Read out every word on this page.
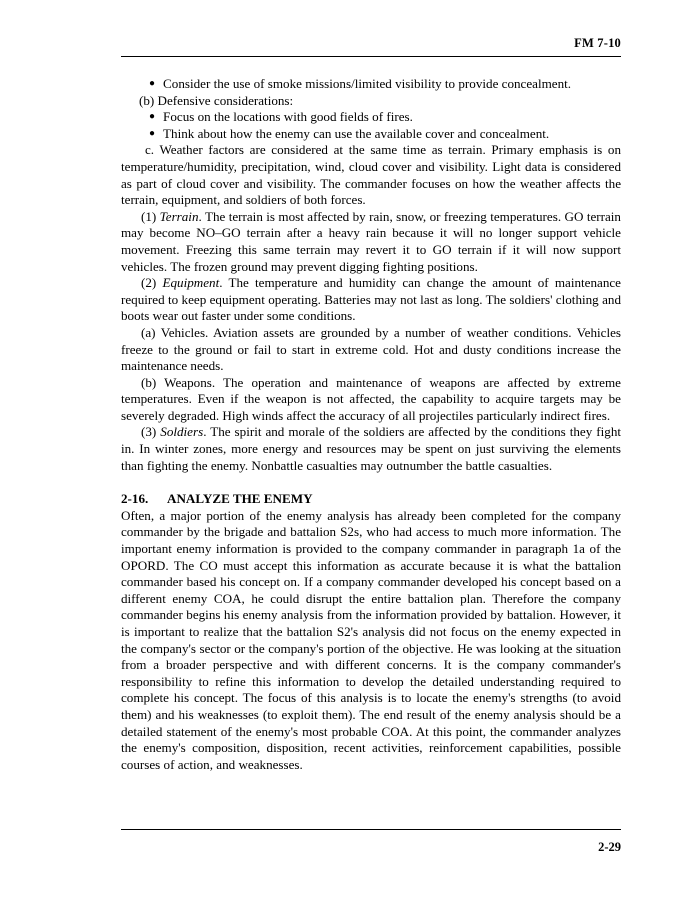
FM 7-10
● Consider the use of smoke missions/limited visibility to provide concealment.

(b) Defensive considerations:

● Focus on the locations with good fields of fires.
● Think about how the enemy can use the available cover and concealment.

c. Weather factors are considered at the same time as terrain. Primary emphasis is on temperature/humidity, precipitation, wind, cloud cover and visibility. Light data is considered as part of cloud cover and visibility. The commander focuses on how the weather affects the terrain, equipment, and soldiers of both forces.

(1) Terrain. The terrain is most affected by rain, snow, or freezing temperatures. GO terrain may become NO–GO terrain after a heavy rain because it will no longer support vehicle movement. Freezing this same terrain may revert it to GO terrain if it will now support vehicles. The frozen ground may prevent digging fighting positions.

(2) Equipment. The temperature and humidity can change the amount of maintenance required to keep equipment operating. Batteries may not last as long. The soldiers' clothing and boots wear out faster under some conditions.

(a) Vehicles. Aviation assets are grounded by a number of weather conditions. Vehicles freeze to the ground or fail to start in extreme cold. Hot and dusty conditions increase the maintenance needs.

(b) Weapons. The operation and maintenance of weapons are affected by extreme temperatures. Even if the weapon is not affected, the capability to acquire targets may be severely degraded. High winds affect the accuracy of all projectiles particularly indirect fires.

(3) Soldiers. The spirit and morale of the soldiers are affected by the conditions they fight in. In winter zones, more energy and resources may be spent on just surviving the elements than fighting the enemy. Nonbattle casualties may outnumber the battle casualties.

2-16. ANALYZE THE ENEMY

Often, a major portion of the enemy analysis has already been completed for the company commander by the brigade and battalion S2s, who had access to much more information. The important enemy information is provided to the company commander in paragraph 1a of the OPORD. The CO must accept this information as accurate because it is what the battalion commander based his concept on. If a company commander developed his concept based on a different enemy COA, he could disrupt the entire battalion plan. Therefore the company commander begins his enemy analysis from the information provided by battalion. However, it is important to realize that the battalion S2's analysis did not focus on the enemy expected in the company's sector or the company's portion of the objective. He was looking at the situation from a broader perspective and with different concerns. It is the company commander's responsibility to refine this information to develop the detailed understanding required to complete his concept. The focus of this analysis is to locate the enemy's strengths (to avoid them) and his weaknesses (to exploit them). The end result of the enemy analysis should be a detailed statement of the enemy's most probable COA. At this point, the commander analyzes the enemy's composition, disposition, recent activities, reinforcement capabilities, possible courses of action, and weaknesses.

2-29
